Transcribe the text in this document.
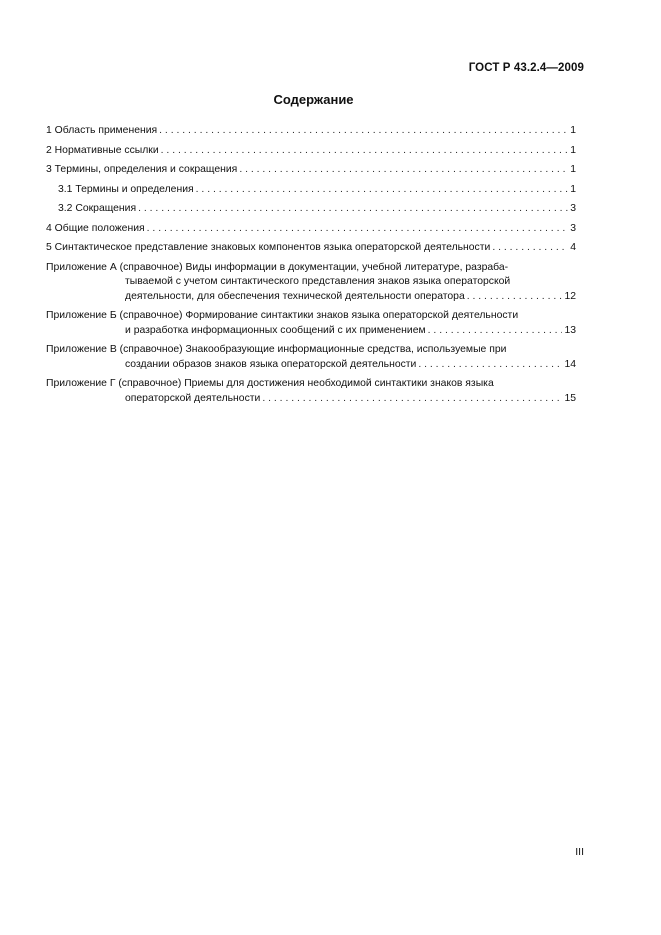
ГОСТ Р 43.2.4—2009
Содержание
1 Область применения . . .	1
2 Нормативные ссылки . . .	1
3 Термины, определения и сокращения . . .	1
3.1 Термины и определения . . .	1
3.2 Сокращения . . .	3
4 Общие положения . . .	3
5 Синтактическое представление знаковых компонентов языка операторской деятельности . . .	4
Приложение А (справочное) Виды информации в документации, учебной литературе, разраба-
тываемой с учетом синтактического представления знаков языка операторской
деятельности, для обеспечения технической деятельности оператора . . .	12
Приложение Б (справочное) Формирование синтактики знаков языка операторской деятельности
и разработка информационных сообщений с их применением . . .	13
Приложение В (справочное) Знакообразующие информационные средства, используемые при
создании образов знаков языка операторской деятельности . . .	14
Приложение Г (справочное) Приемы для достижения необходимой синтактики знаков языка
операторской деятельности . . .	15
III
